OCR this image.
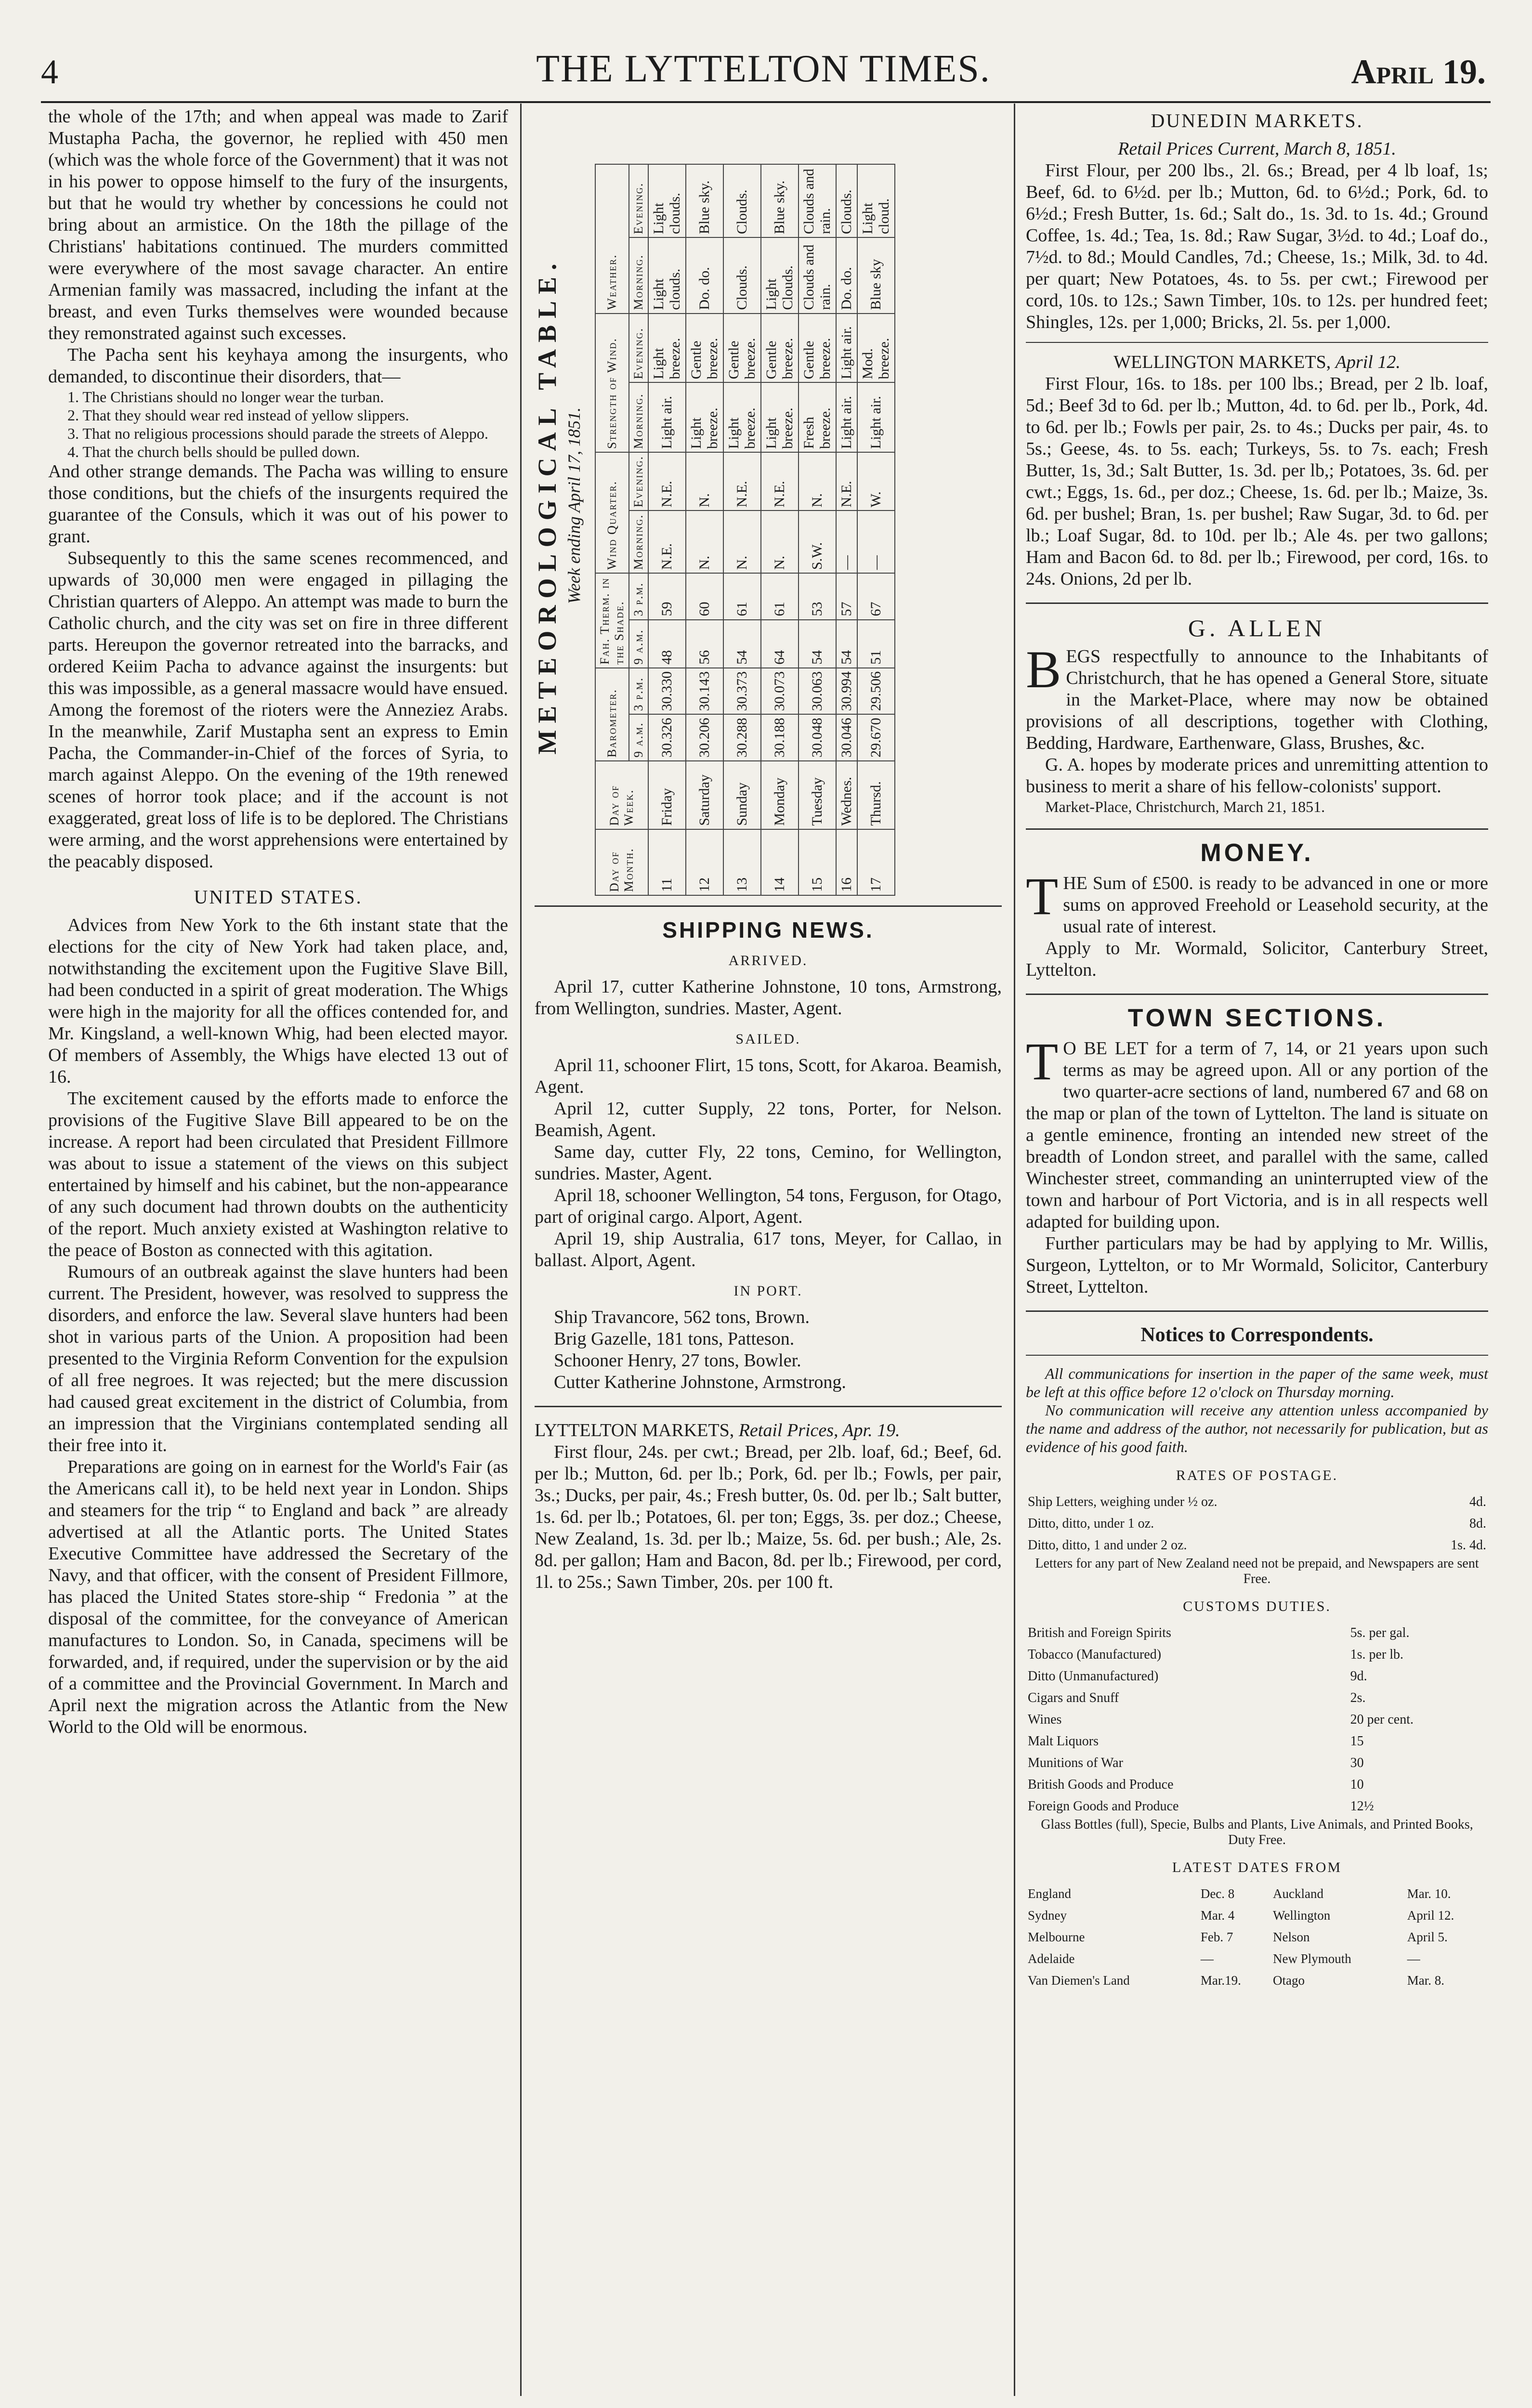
4	THE LYTTELTON TIMES.	April 19.

the whole of the 17th; and when appeal was made to Zarif Mustapha Pacha, the governor, he replied with 450 men (which was the whole force of the Government) that it was not in his power to oppose himself to the fury of the insurgents, but that he would try whether by concessions he could not bring about an armistice. On the 18th the pillage of the Christians' habitations continued. The murders committed were everywhere of the most savage character. An entire Armenian family was massacred, including the infant at the breast, and even Turks themselves were wounded because they remonstrated against such excesses.

The Pacha sent his keyhaya among the insurgents, who demanded, to discontinue their disorders, that—

1. The Christians should no longer wear the turban.

2. That they should wear red instead of yellow slippers.

3. That no religious processions should parade the streets of Aleppo.

4. That the church bells should be pulled down.

And other strange demands. The Pacha was willing to ensure those conditions, but the chiefs of the insurgents required the guarantee of the Consuls, which it was out of his power to grant.

Subsequently to this the same scenes recommenced, and upwards of 30,000 men were engaged in pillaging the Christian quarters of Aleppo. An attempt was made to burn the Catholic church, and the city was set on fire in three different parts. Hereupon the governor retreated into the barracks, and ordered Keiim Pacha to advance against the insurgents: but this was impossible, as a general massacre would have ensued. Among the foremost of the rioters were the Anneziez Arabs. In the meanwhile, Zarif Mustapha sent an express to Emin Pacha, the Commander-in-Chief of the forces of Syria, to march against Aleppo. On the evening of the 19th renewed scenes of horror took place; and if the account is not exaggerated, great loss of life is to be deplored. The Christians were arming, and the worst apprehensions were entertained by the peacably disposed.

UNITED STATES.

Advices from New York to the 6th instant state that the elections for the city of New York had taken place, and, notwithstanding the excitement upon the Fugitive Slave Bill, had been conducted in a spirit of great moderation. The Whigs were high in the majority for all the offices contended for, and Mr. Kingsland, a well-known Whig, had been elected mayor. Of members of Assembly, the Whigs have elected 13 out of 16.

The excitement caused by the efforts made to enforce the provisions of the Fugitive Slave Bill appeared to be on the increase. A report had been circulated that President Fillmore was about to issue a statement of the views on this subject entertained by himself and his cabinet, but the non-appearance of any such document had thrown doubts on the authenticity of the report. Much anxiety existed at Washington relative to the peace of Boston as connected with this agitation.

Rumours of an outbreak against the slave hunters had been current. The President, however, was resolved to suppress the disorders, and enforce the law. Several slave hunters had been shot in various parts of the Union. A proposition had been presented to the Virginia Reform Convention for the expulsion of all free negroes. It was rejected; but the mere discussion had caused great excitement in the district of Columbia, from an impression that the Virginians contemplated sending all their free into it.

Preparations are going on in earnest for the World's Fair (as the Americans call it), to be held next year in London. Ships and steamers for the trip “ to England and back ” are already advertised at all the Atlantic ports. The United States Executive Committee have addressed the Secretary of the Navy, and that officer, with the consent of President Fillmore, has placed the United States store-ship “ Fredonia ” at the disposal of the committee, for the conveyance of American manufactures to London. So, in Canada, specimens will be forwarded, and, if required, under the supervision or by the aid of a committee and the Provincial Government. In March and April next the migration across the Atlantic from the New World to the Old will be enormous.

METEOROLOGICAL TABLE. Week ending April 17, 1851.
Day of Month.	Day of Week.	Barometer.		Fah. Therm. in the Shade.		Wind Quarter.		Strength of Wind.		Weather.	
		9 a.m.	3 p.m.	9 a.m.	3 p.m.	Morning.	Evening.	Morning.	Evening.	Morning.	Evening.
11	Friday	30.326	30.330	48	59	N.E.	N.E.	Light air.	Light breeze.	Light clouds.	Light clouds.
12	Saturday	30.206	30.143	56	60	N.	N.	Light breeze.	Gentle breeze.	Do. do.	Blue sky.
13	Sunday	30.288	30.373	54	61	N.	N.E.	Light breeze.	Gentle breeze.	Clouds.	Clouds.
14	Monday	30.188	30.073	64	61	N.	N.E.	Light breeze.	Gentle breeze.	Light Clouds.	Blue sky.
15	Tuesday	30.048	30.063	54	53	S.W.	N.	Fresh breeze.	Gentle breeze.	Clouds and rain.	Clouds and rain.
16	Wednes.	30.046	30.994	54	57	—	N.E.	Light air.	Light air.	Do. do.	Clouds.
17	Thursd.	29.670	29.506	51	67	—	W.	Light air.	Mod. breeze.	Blue sky	Light cloud.
SHIPPING NEWS.
ARRIVED.

April 17, cutter Katherine Johnstone, 10 tons, Armstrong, from Wellington, sundries. Master, Agent.

SAILED.

April 11, schooner Flirt, 15 tons, Scott, for Akaroa. Beamish, Agent.

April 12, cutter Supply, 22 tons, Porter, for Nelson. Beamish, Agent.

Same day, cutter Fly, 22 tons, Cemino, for Wellington, sundries. Master, Agent.

April 18, schooner Wellington, 54 tons, Ferguson, for Otago, part of original cargo. Alport, Agent.

April 19, ship Australia, 617 tons, Meyer, for Callao, in ballast. Alport, Agent.

IN PORT.

Ship Travancore, 562 tons, Brown.

Brig Gazelle, 181 tons, Patteson.

Schooner Henry, 27 tons, Bowler.

Cutter Katherine Johnstone, Armstrong.

LYTTELTON MARKETS, Retail Prices, Apr. 19.

First flour, 24s. per cwt.; Bread, per 2lb. loaf, 6d.; Beef, 6d. per lb.; Mutton, 6d. per lb.; Pork, 6d. per lb.; Fowls, per pair, 3s.; Ducks, per pair, 4s.; Fresh butter, 0s. 0d. per lb.; Salt butter, 1s. 6d. per lb.; Potatoes, 6l. per ton; Eggs, 3s. per doz.; Cheese, New Zealand, 1s. 3d. per lb.; Maize, 5s. 6d. per bush.; Ale, 2s. 8d. per gallon; Ham and Bacon, 8d. per lb.; Firewood, per cord, 1l. to 25s.; Sawn Timber, 20s. per 100 ft.

DUNEDIN MARKETS.

Retail Prices Current, March 8, 1851.

First Flour, per 200 lbs., 2l. 6s.; Bread, per 4 lb loaf, 1s; Beef, 6d. to 6½d. per lb.; Mutton, 6d. to 6½d.; Pork, 6d. to 6½d.; Fresh Butter, 1s. 6d.; Salt do., 1s. 3d. to 1s. 4d.; Ground Coffee, 1s. 4d.; Tea, 1s. 8d.; Raw Sugar, 3½d. to 4d.; Loaf do., 7½d. to 8d.; Mould Candles, 7d.; Cheese, 1s.; Milk, 3d. to 4d. per quart; New Potatoes, 4s. to 5s. per cwt.; Firewood per cord, 10s. to 12s.; Sawn Timber, 10s. to 12s. per hundred feet; Shingles, 12s. per 1,000; Bricks, 2l. 5s. per 1,000.

WELLINGTON MARKETS, April 12.

First Flour, 16s. to 18s. per 100 lbs.; Bread, per 2 lb. loaf, 5d.; Beef 3d to 6d. per lb.; Mutton, 4d. to 6d. per lb., Pork, 4d. to 6d. per lb.; Fowls per pair, 2s. to 4s.; Ducks per pair, 4s. to 5s.; Geese, 4s. to 5s. each; Turkeys, 5s. to 7s. each; Fresh Butter, 1s, 3d.; Salt Butter, 1s. 3d. per lb,; Potatoes, 3s. 6d. per cwt.; Eggs, 1s. 6d., per doz.; Cheese, 1s. 6d. per lb.; Maize, 3s. 6d. per bushel; Bran, 1s. per bushel; Raw Sugar, 3d. to 6d. per lb.; Loaf Sugar, 8d. to 10d. per lb.; Ale 4s. per two gallons; Ham and Bacon 6d. to 8d. per lb.; Firewood, per cord, 16s. to 24s. Onions, 2d per lb.

G. ALLEN

BEGS respectfully to announce to the Inhabitants of Christchurch, that he has opened a General Store, situate in the Market-Place, where may now be obtained provisions of all descriptions, together with Clothing, Bedding, Hardware, Earthenware, Glass, Brushes, &c.

G. A. hopes by moderate prices and unremitting attention to business to merit a share of his fellow-colonists' support.

Market-Place, Christchurch, March 21, 1851.

MONEY.

THE Sum of £500. is ready to be advanced in one or more sums on approved Freehold or Leasehold security, at the usual rate of interest.

Apply to Mr. Wormald, Solicitor, Canterbury Street, Lyttelton.

TOWN SECTIONS.

T O BE LET for a term of 7, 14, or 21 years upon such terms as may be agreed upon. All or any portion of the two quarter-acre sections of land, numbered 67 and 68 on the map or plan of the town of Lyttelton. The land is situate on a gentle eminence, fronting an intended new street of the breadth of London street, and parallel with the same, called Winchester street, commanding an uninterrupted view of the town and harbour of Port Victoria, and is in all respects well adapted for building upon.

Further particulars may be had by applying to Mr. Willis, Surgeon, Lyttelton, or to Mr Wormald, Solicitor, Canterbury Street, Lyttelton.

Notices to Correspondents.

All communications for insertion in the paper of the same week, must be left at this office before 12 o'clock on Thursday morning.

No communication will receive any attention unless accompanied by the name and address of the author, not necessarily for publication, but as evidence of his good faith.

RATES OF POSTAGE.
Ship Letters, weighing under ½ oz.	4d.
Ditto, ditto, under 1 oz.	8d.
Ditto, ditto, 1 and under 2 oz.	1s. 4d.

Letters for any part of New Zealand need not be prepaid, and Newspapers are sent Free.

CUSTOMS DUTIES.
British and Foreign Spirits	5s. per gal.
Tobacco (Manufactured)	1s. per lb.
Ditto (Unmanufactured)	9d.
Cigars and Snuff	2s.
Wines	20 per cent.
Malt Liquors	15
Munitions of War	30
British Goods and Produce	10
Foreign Goods and Produce	12½

Glass Bottles (full), Specie, Bulbs and Plants, Live Animals, and Printed Books, Duty Free.

LATEST DATES FROM
England	Dec. 8	Auckland	Mar. 10.
Sydney	Mar. 4	Wellington	April 12.
Melbourne	Feb. 7	Nelson	April 5.
Adelaide	—	New Plymouth	—
Van Diemen's Land	Mar.19.	Otago	Mar. 8.
